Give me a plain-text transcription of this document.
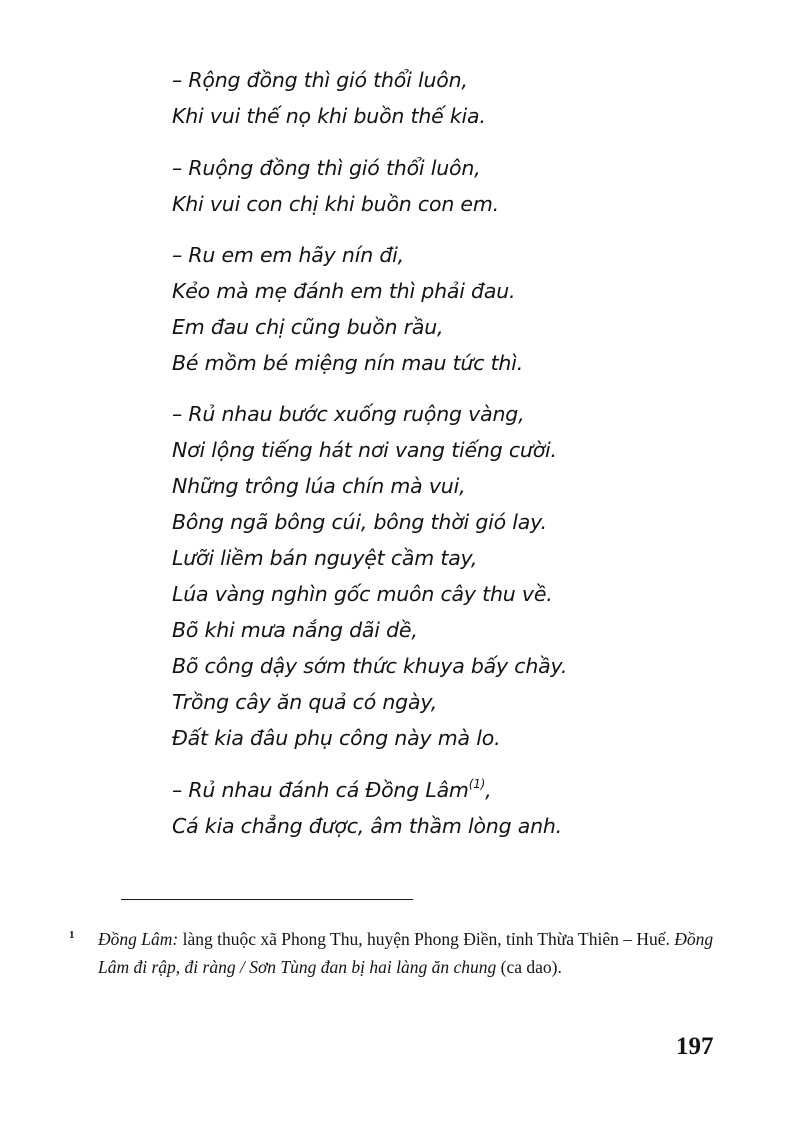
– Rộng đồng thì gió thổi luôn,
Khi vui thế nọ khi buồn thế kia.
– Ruộng đồng thì gió thổi luôn,
Khi vui con chị khi buồn con em.
– Ru em em hãy nín đi,
Kẻo mà mẹ đánh em thì phải đau.
Em đau chị cũng buồn rầu,
Bé mồm bé miệng nín mau tức thì.
– Rủ nhau bước xuống ruộng vàng,
Nơi lộng tiếng hát nơi vang tiếng cười.
Những trông lúa chín mà vui,
Bông ngã bông cúi, bông thời gió lay.
Lưỡi liềm bán nguyệt cầm tay,
Lúa vàng nghìn gốc muôn cây thu về.
Bõ khi mưa nắng dãi dề,
Bõ công dậy sớm thức khuya bấy chầy.
Trồng cây ăn quả có ngày,
Đất kia đâu phụ công này mà lo.
– Rủ nhau đánh cá Đồng Lâm$^{(1)}$,
Cá kia chẳng được, âm thầm lòng anh.
1 Đồng Lâm: làng thuộc xã Phong Thu, huyện Phong Điền, tỉnh Thừa Thiên – Huế. Đồng Lâm đi rập, đi ràng / Sơn Tùng đan bị hai làng ăn chung (ca dao).
197
